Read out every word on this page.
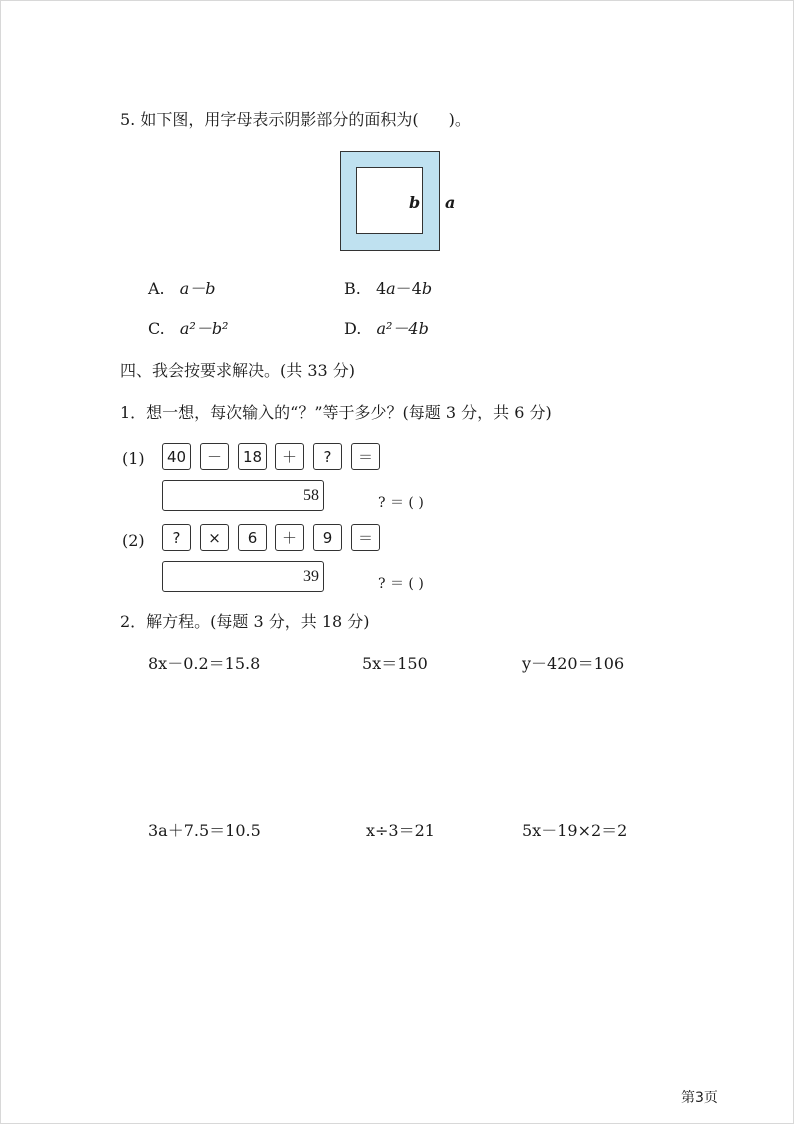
5. 如下图，用字母表示阴影部分的面积为( )。
b a
A. a－b	B. 4a－4b
C. a²－b²	D. a²－4b
四、我会按要求解决。(共 33 分)
1．想一想，每次输入的“？”等于多少？(每题 3 分，共 6 分)
(1)	40	－	18	＋	?	＝
58	? ＝ ( )
(2)	?	×	6	＋	9	＝
39	? ＝ ( )
2．解方程。(每题 3 分，共 18 分)
8x－0.2＝15.8	5x＝150	y－420＝106
3a＋7.5＝10.5	x÷3＝21	5x－19×2＝2
第3页
